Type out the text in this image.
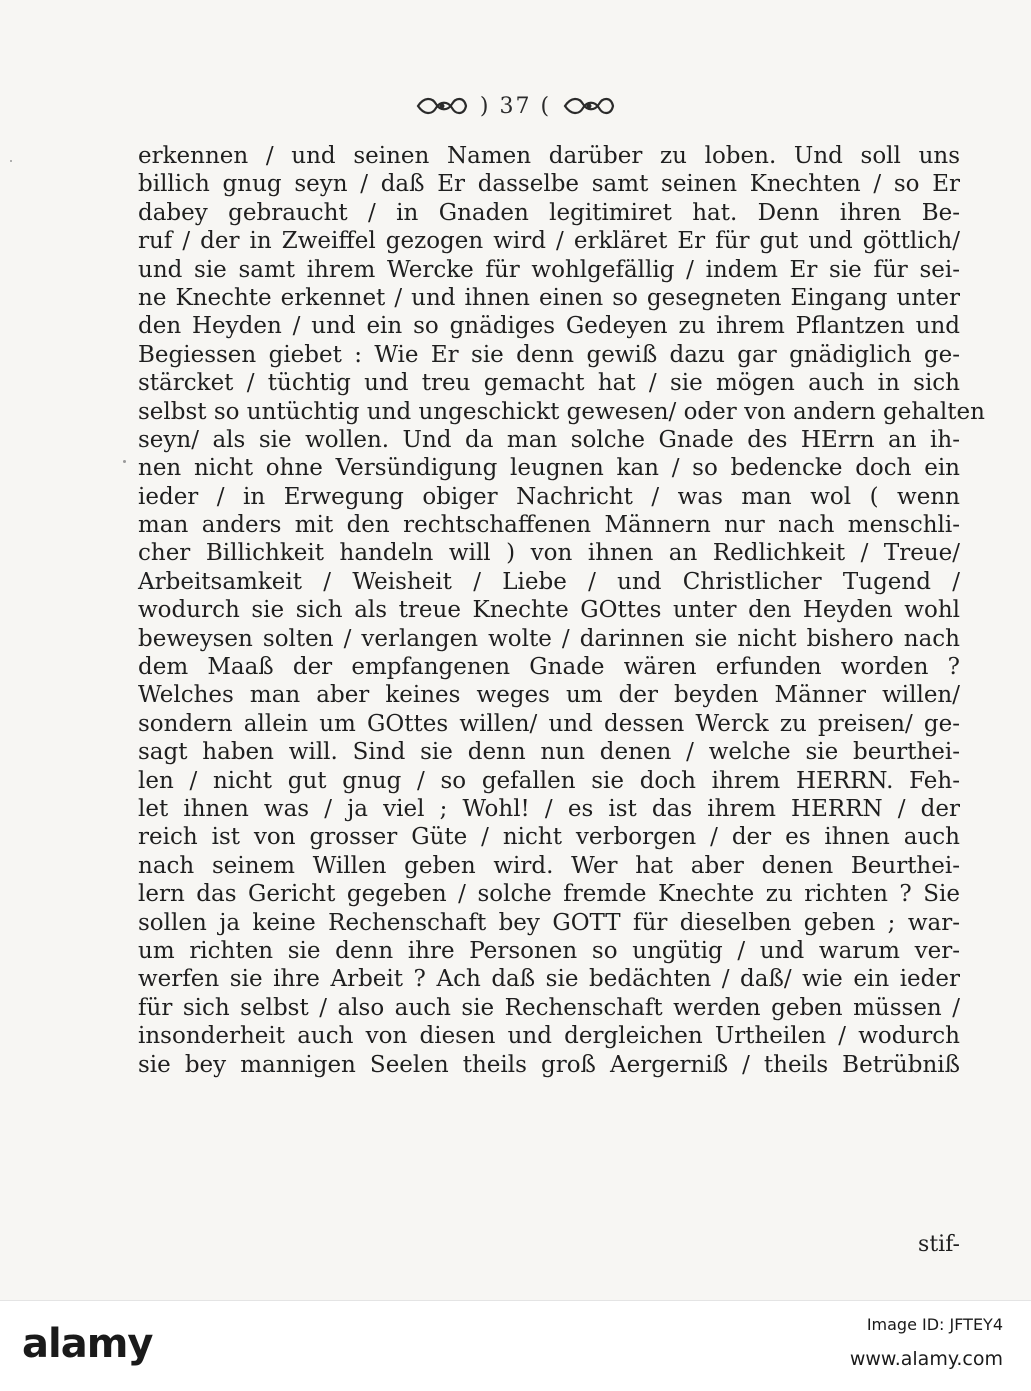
) 37 (
erkennen / und seinen Namen darüber zu loben. Und soll uns
billich gnug seyn / daß Er dasselbe samt seinen Knechten / so Er
dabey gebraucht / in Gnaden legitimiret hat. Denn ihren Be-
ruf / der in Zweiffel gezogen wird / erkläret Er für gut und göttlich/
und sie samt ihrem Wercke für wohlgefällig / indem Er sie für sei-
ne Knechte erkennet / und ihnen einen so gesegneten Eingang unter
den Heyden / und ein so gnädiges Gedeyen zu ihrem Pflantzen und
Begiessen giebet : Wie Er sie denn gewiß dazu gar gnädiglich ge-
stärcket / tüchtig und treu gemacht hat / sie mögen auch in sich
selbst so untüchtig und ungeschickt gewesen/ oder von andern gehalten
seyn/ als sie wollen. Und da man solche Gnade des HErrn an ih-
nen nicht ohne Versündigung leugnen kan / so bedencke doch ein
ieder / in Erwegung obiger Nachricht / was man wol ( wenn
man anders mit den rechtschaffenen Männern nur nach menschli-
cher Billichkeit handeln will ) von ihnen an Redlichkeit / Treue/
Arbeitsamkeit / Weisheit / Liebe / und Christlicher Tugend /
wodurch sie sich als treue Knechte GOttes unter den Heyden wohl
beweysen solten / verlangen wolte / darinnen sie nicht bishero nach
dem Maaß der empfangenen Gnade wären erfunden worden ?
Welches man aber keines weges um der beyden Männer willen/
sondern allein um GOttes willen/ und dessen Werck zu preisen/ ge-
sagt haben will. Sind sie denn nun denen / welche sie beurthei-
len / nicht gut gnug / so gefallen sie doch ihrem HERRN. Feh-
let ihnen was / ja viel ; Wohl! / es ist das ihrem HERRN / der
reich ist von grosser Güte / nicht verborgen / der es ihnen auch
nach seinem Willen geben wird. Wer hat aber denen Beurthei-
lern das Gericht gegeben / solche fremde Knechte zu richten ? Sie
sollen ja keine Rechenschaft bey GOTT für dieselben geben ; war-
um richten sie denn ihre Personen so ungütig / und warum ver-
werfen sie ihre Arbeit ? Ach daß sie bedächten / daß/ wie ein ieder
für sich selbst / also auch sie Rechenschaft werden geben müssen /
insonderheit auch von diesen und dergleichen Urtheilen / wodurch
sie bey mannigen Seelen theils groß Aergerniß / theils Betrübniß
stif-
alamy	Image ID: JFTEY4
www.alamy.com
